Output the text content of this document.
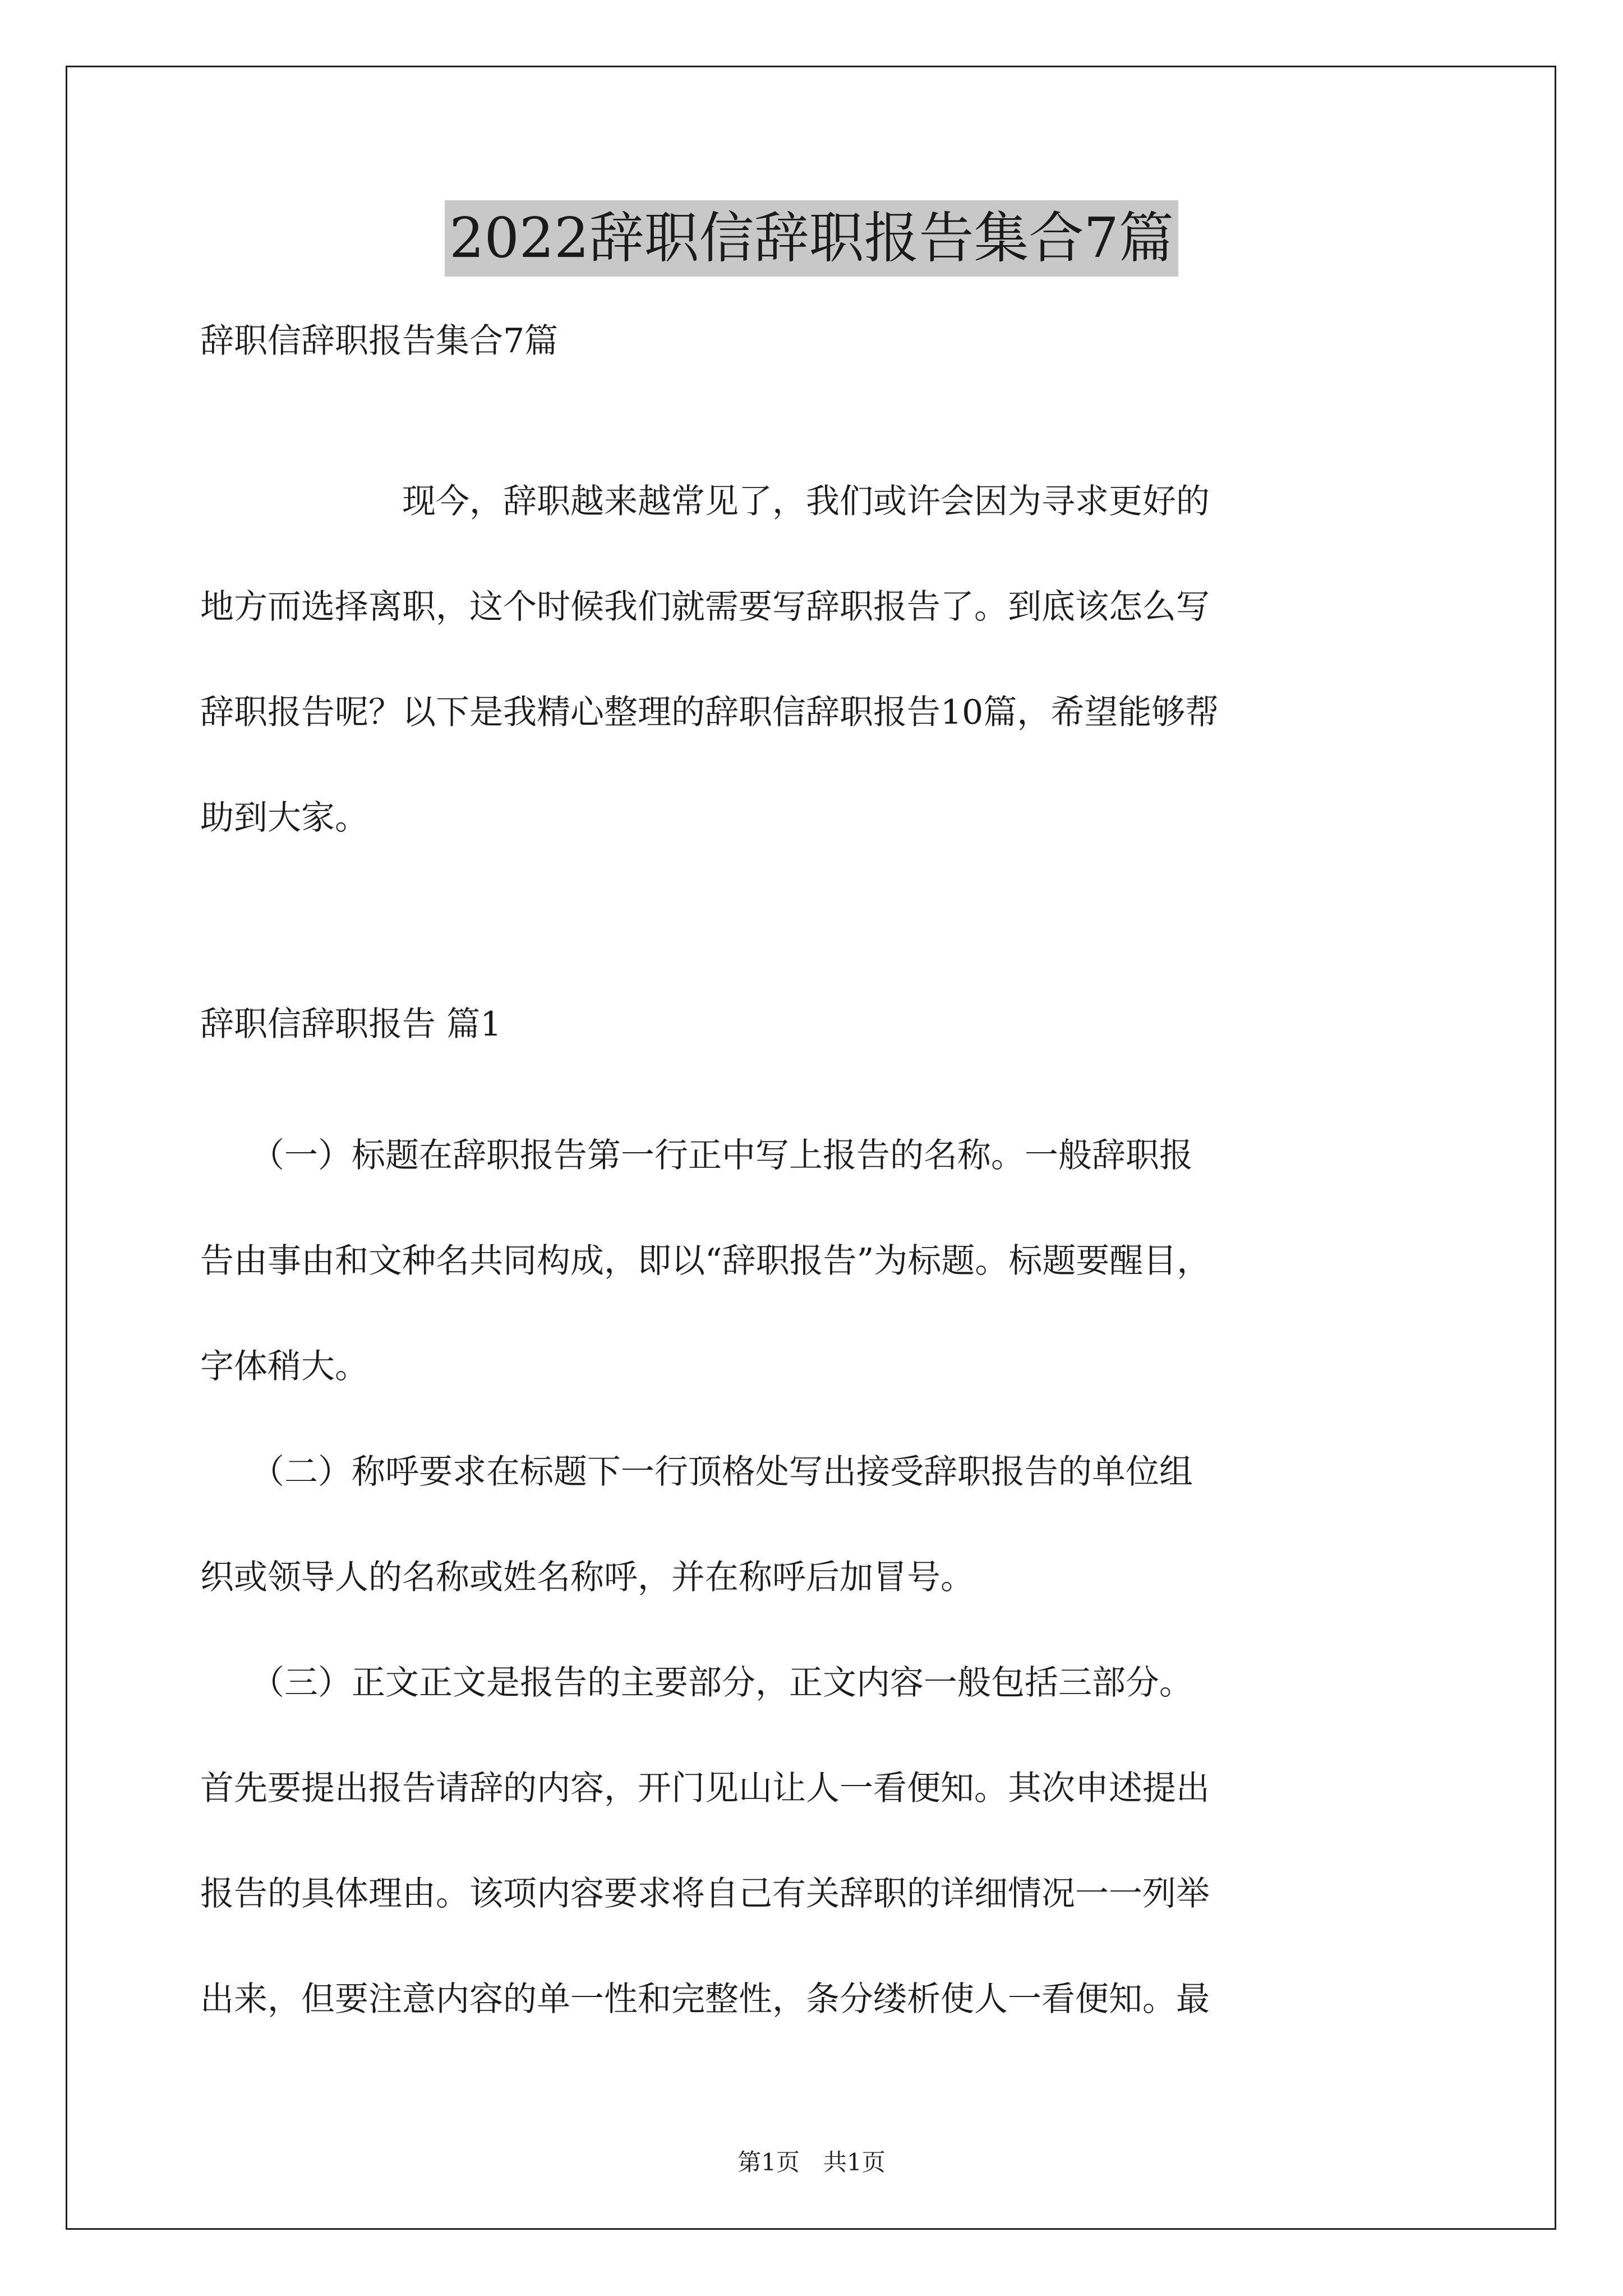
2022辞职信辞职报告集合7篇
辞职信辞职报告集合7篇
　　　　　　现今，辞职越来越常见了，我们或许会因为寻求更好的
地方而选择离职，这个时候我们就需要写辞职报告了。到底该怎么写
辞职报告呢？以下是我精心整理的辞职信辞职报告10篇，希望能够帮
助到大家。
辞职信辞职报告 篇1
　　（一）标题在辞职报告第一行正中写上报告的名称。一般辞职报
告由事由和文种名共同构成，即以“辞职报告”为标题。标题要醒目，
字体稍大。
　　（二）称呼要求在标题下一行顶格处写出接受辞职报告的单位组
织或领导人的名称或姓名称呼，并在称呼后加冒号。
　　（三）正文正文是报告的主要部分，正文内容一般包括三部分。
首先要提出报告请辞的内容，开门见山让人一看便知。其次申述提出
报告的具体理由。该项内容要求将自己有关辞职的详细情况一一列举
出来，但要注意内容的单一性和完整性，条分缕析使人一看便知。最
第1页　共1页
